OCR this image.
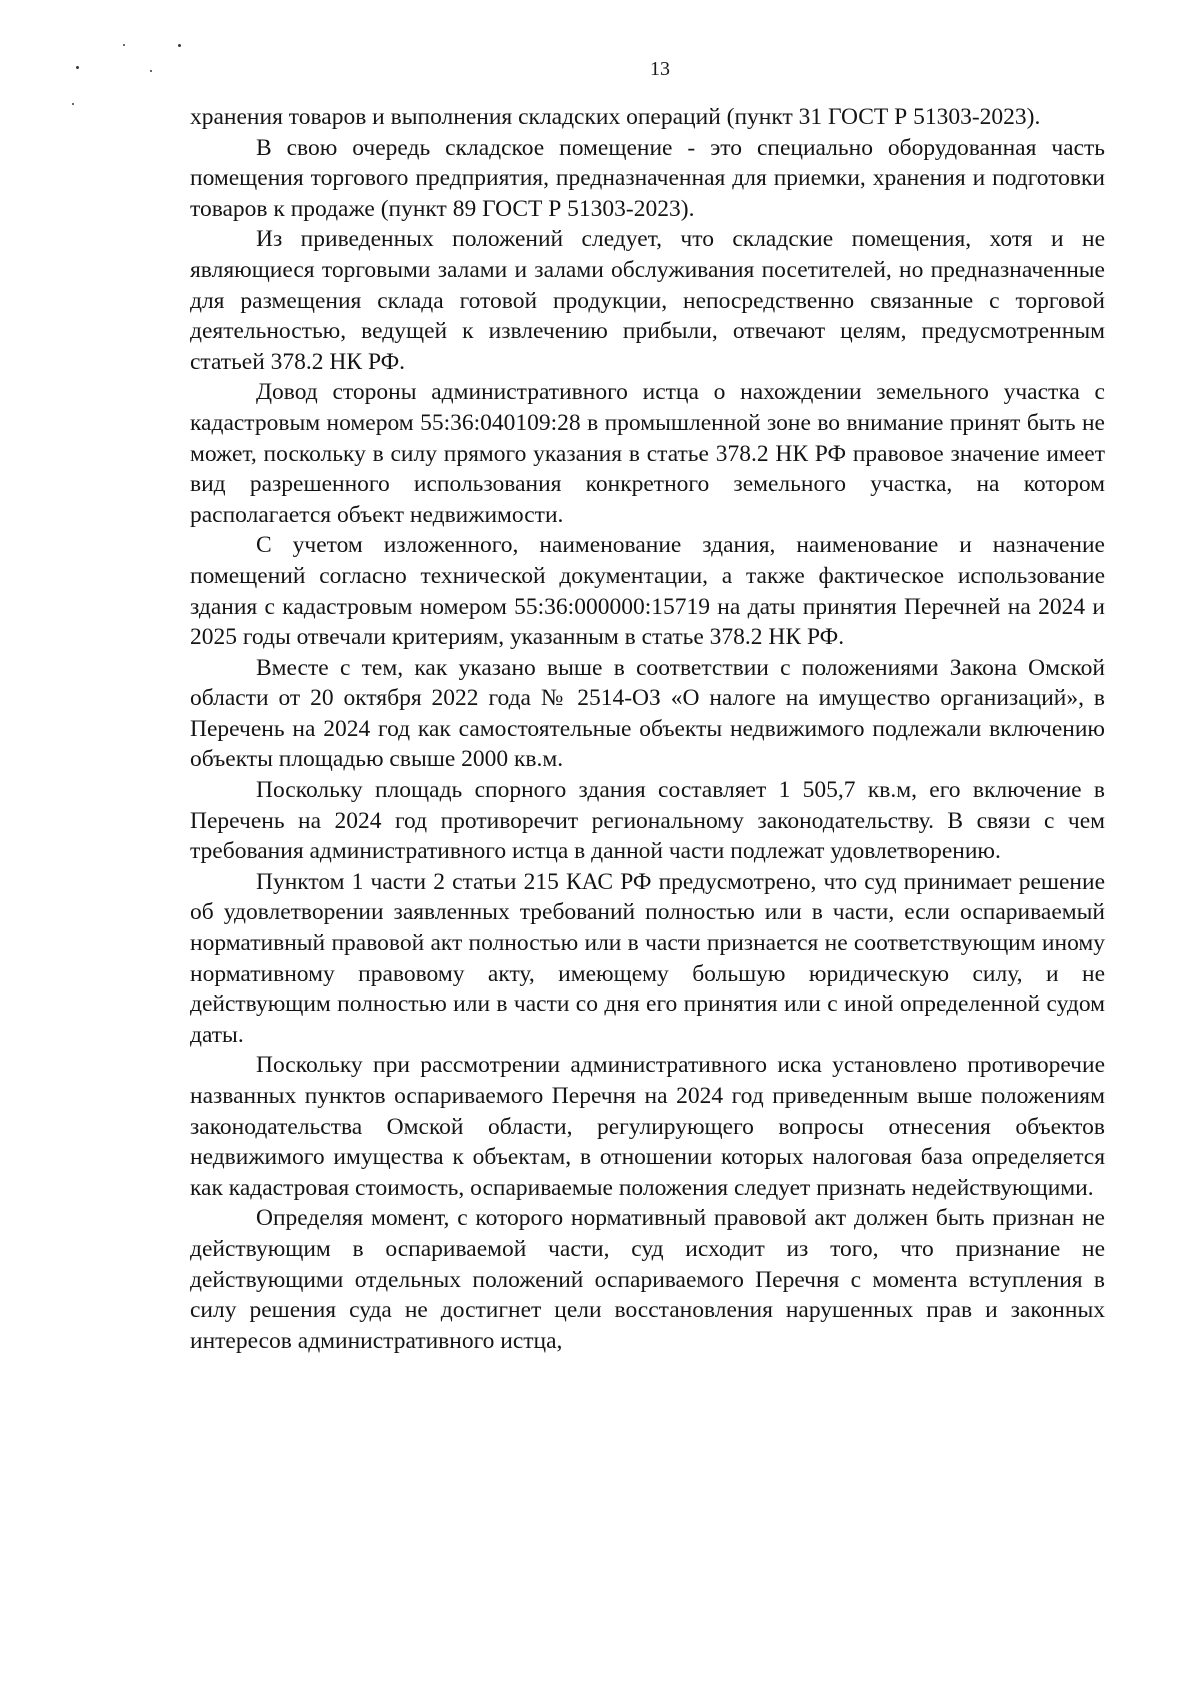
13

хранения товаров и выполнения складских операций (пункт 31 ГОСТ Р 51303-2023).

В свою очередь складское помещение - это специально оборудованная часть помещения торгового предприятия, предназначенная для приемки, хранения и подготовки товаров к продаже (пункт 89 ГОСТ Р 51303-2023).

Из приведенных положений следует, что складские помещения, хотя и не являющиеся торговыми залами и залами обслуживания посетителей, но предназначенные для размещения склада готовой продукции, непосредственно связанные с торговой деятельностью, ведущей к извлечению прибыли, отвечают целям, предусмотренным статьей 378.2 НК РФ.

Довод стороны административного истца о нахождении земельного участка с кадастровым номером 55:36:040109:28 в промышленной зоне во внимание принят быть не может, поскольку в силу прямого указания в статье 378.2 НК РФ правовое значение имеет вид разрешенного использования конкретного земельного участка, на котором располагается объект недвижимости.

С учетом изложенного, наименование здания, наименование и назначение помещений согласно технической документации, а также фактическое использование здания с кадастровым номером 55:36:000000:15719 на даты принятия Перечней на 2024 и 2025 годы отвечали критериям, указанным в статье 378.2 НК РФ.

Вместе с тем, как указано выше в соответствии с положениями Закона Омской области от 20 октября 2022 года № 2514-ОЗ «О налоге на имущество организаций», в Перечень на 2024 год как самостоятельные объекты недвижимого подлежали включению объекты площадью свыше 2000 кв.м.

Поскольку площадь спорного здания составляет 1 505,7 кв.м, его включение в Перечень на 2024 год противоречит региональному законодательству. В связи с чем требования административного истца в данной части подлежат удовлетворению.

Пунктом 1 части 2 статьи 215 КАС РФ предусмотрено, что суд принимает решение об удовлетворении заявленных требований полностью или в части, если оспариваемый нормативный правовой акт полностью или в части признается не соответствующим иному нормативному правовому акту, имеющему большую юридическую силу, и не действующим полностью или в части со дня его принятия или с иной определенной судом даты.

Поскольку при рассмотрении административного иска установлено противоречие названных пунктов оспариваемого Перечня на 2024 год приведенным выше положениям законодательства Омской области, регулирующего вопросы отнесения объектов недвижимого имущества к объектам, в отношении которых налоговая база определяется как кадастровая стоимость, оспариваемые положения следует признать недействующими.

Определяя момент, с которого нормативный правовой акт должен быть признан не действующим в оспариваемой части, суд исходит из того, что признание не действующими отдельных положений оспариваемого Перечня с момента вступления в силу решения суда не достигнет цели восстановления нарушенных прав и законных интересов административного истца,
